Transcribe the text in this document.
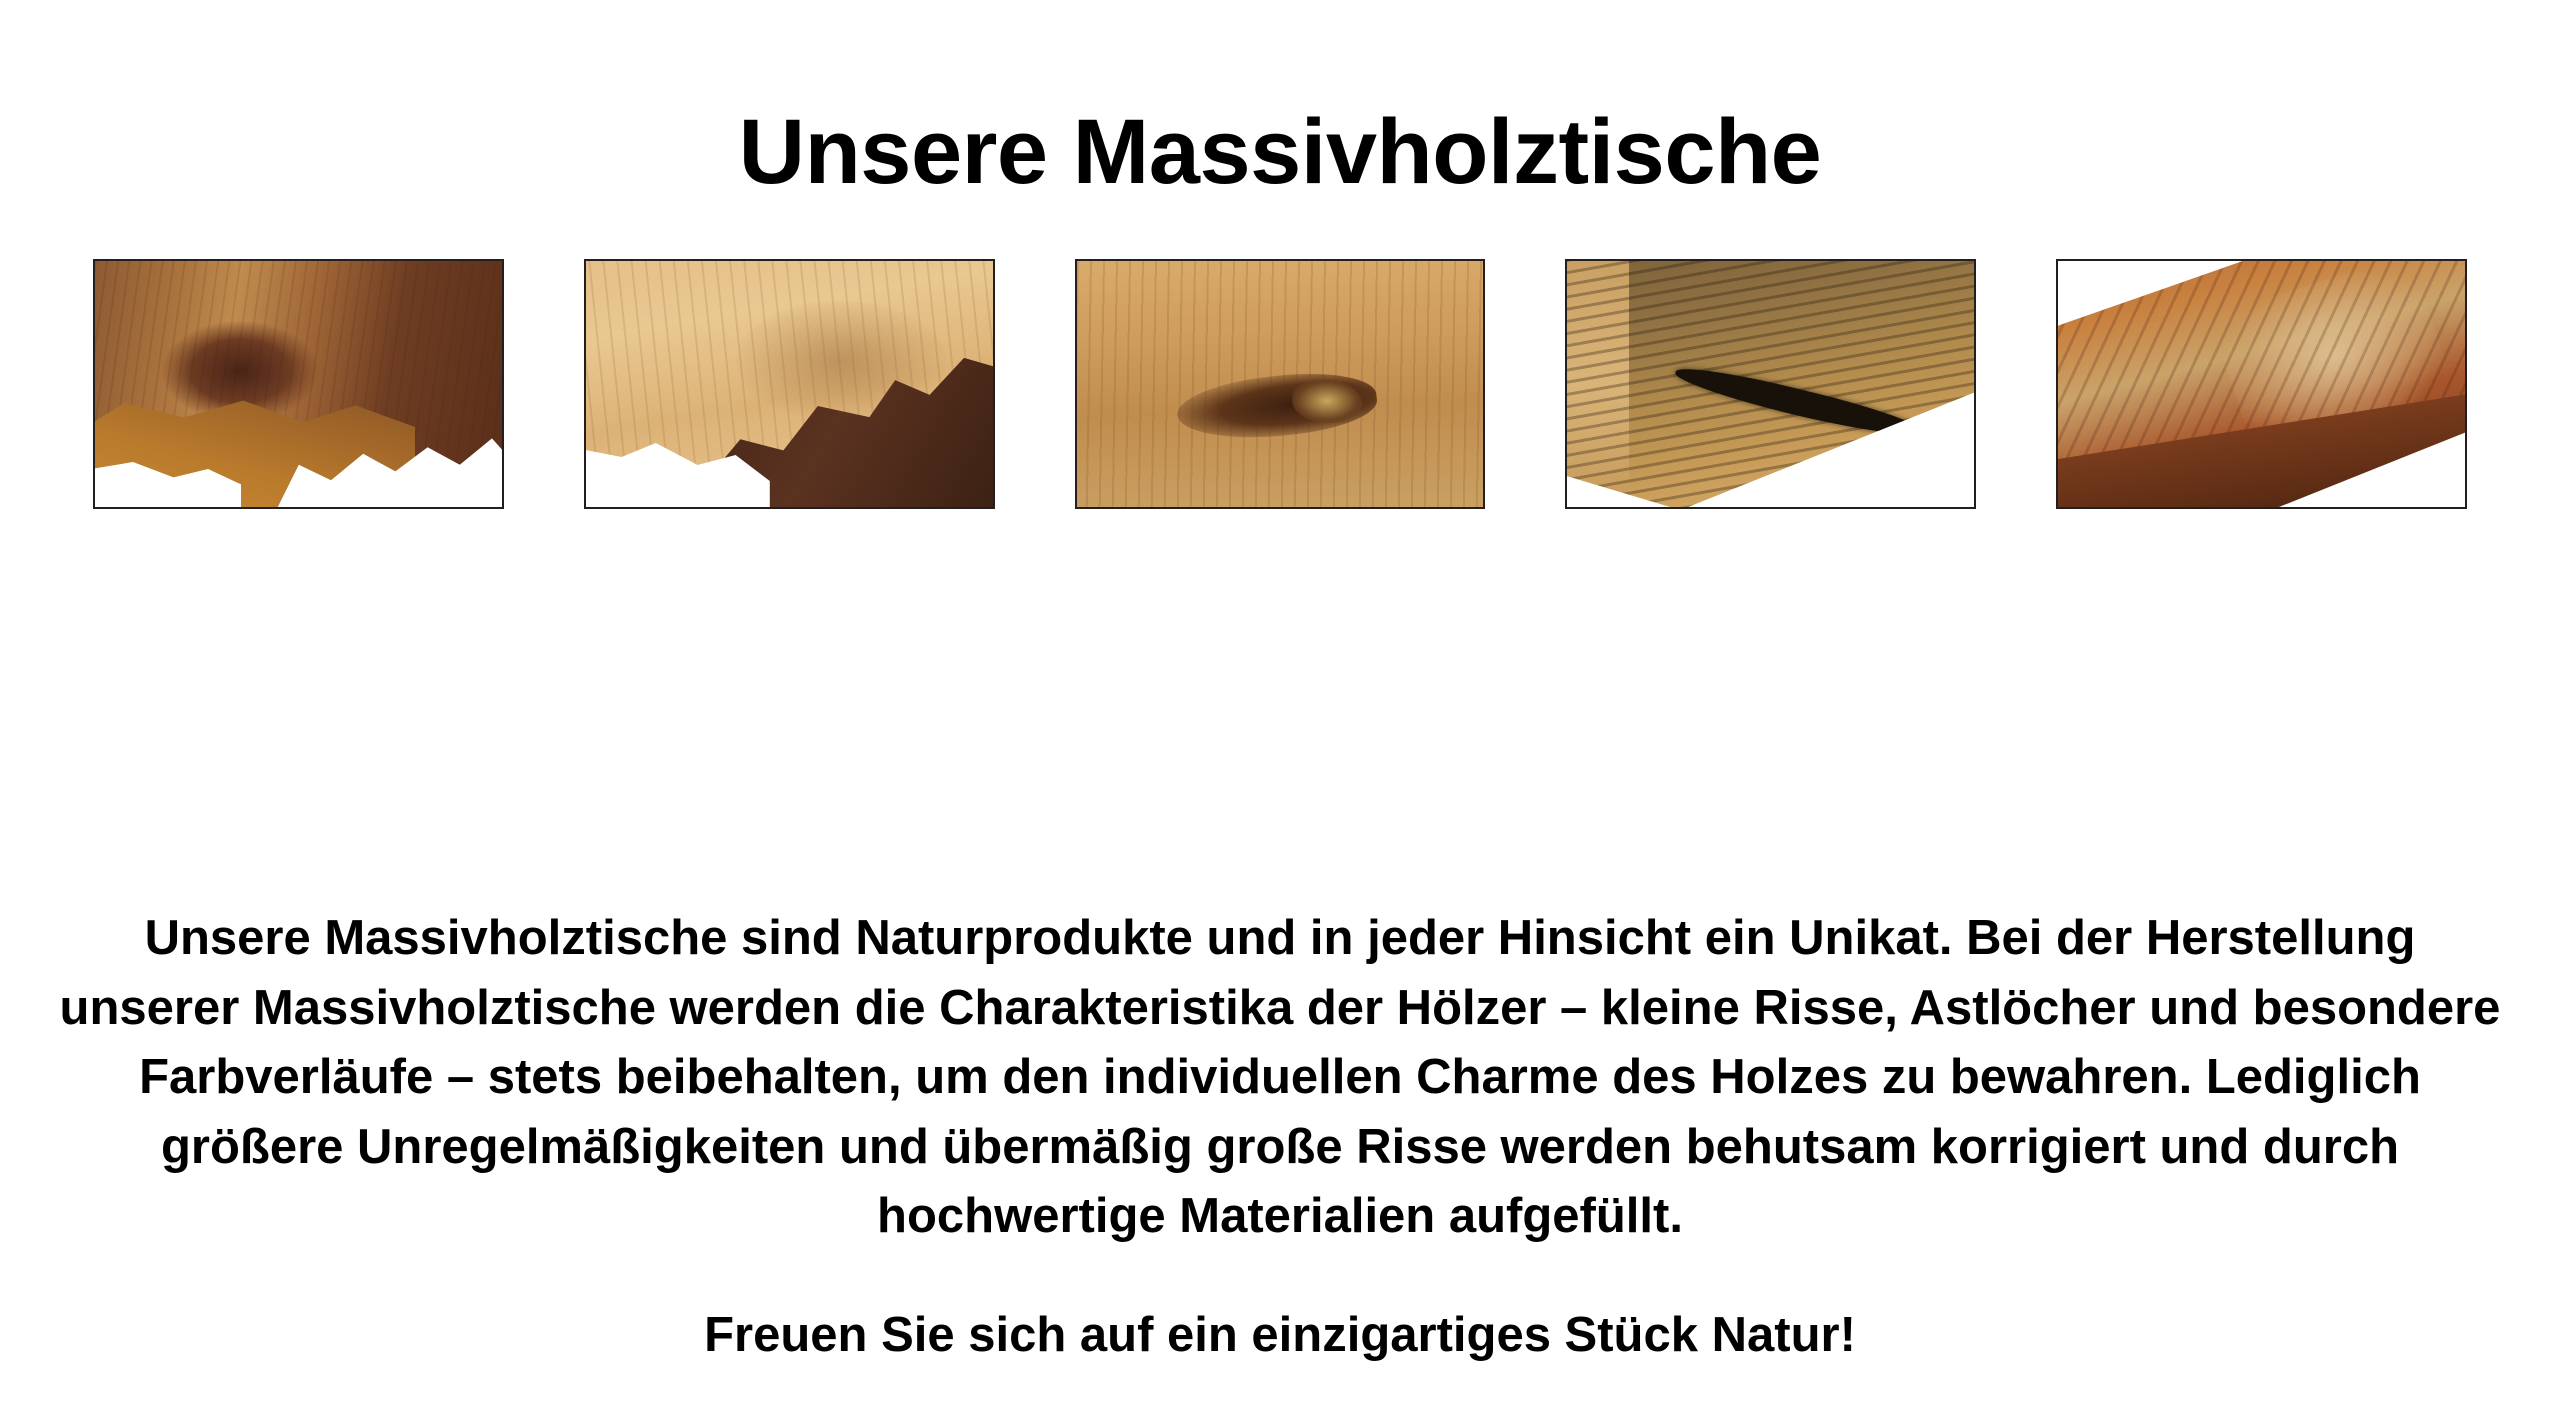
Unsere Massivholztische

Unsere Massivholztische sind Naturprodukte und in jeder Hinsicht ein Unikat. Bei der Herstellung unserer Massivholztische werden die Charakteristika der Hölzer – kleine Risse, Astlöcher und besondere Farbverläufe – stets beibehalten, um den individuellen Charme des Holzes zu bewahren. Lediglich größere Unregelmäßigkeiten und übermäßig große Risse werden behutsam korrigiert und durch hochwertige Materialien aufgefüllt.

Freuen Sie sich auf ein einzigartiges Stück Natur!
